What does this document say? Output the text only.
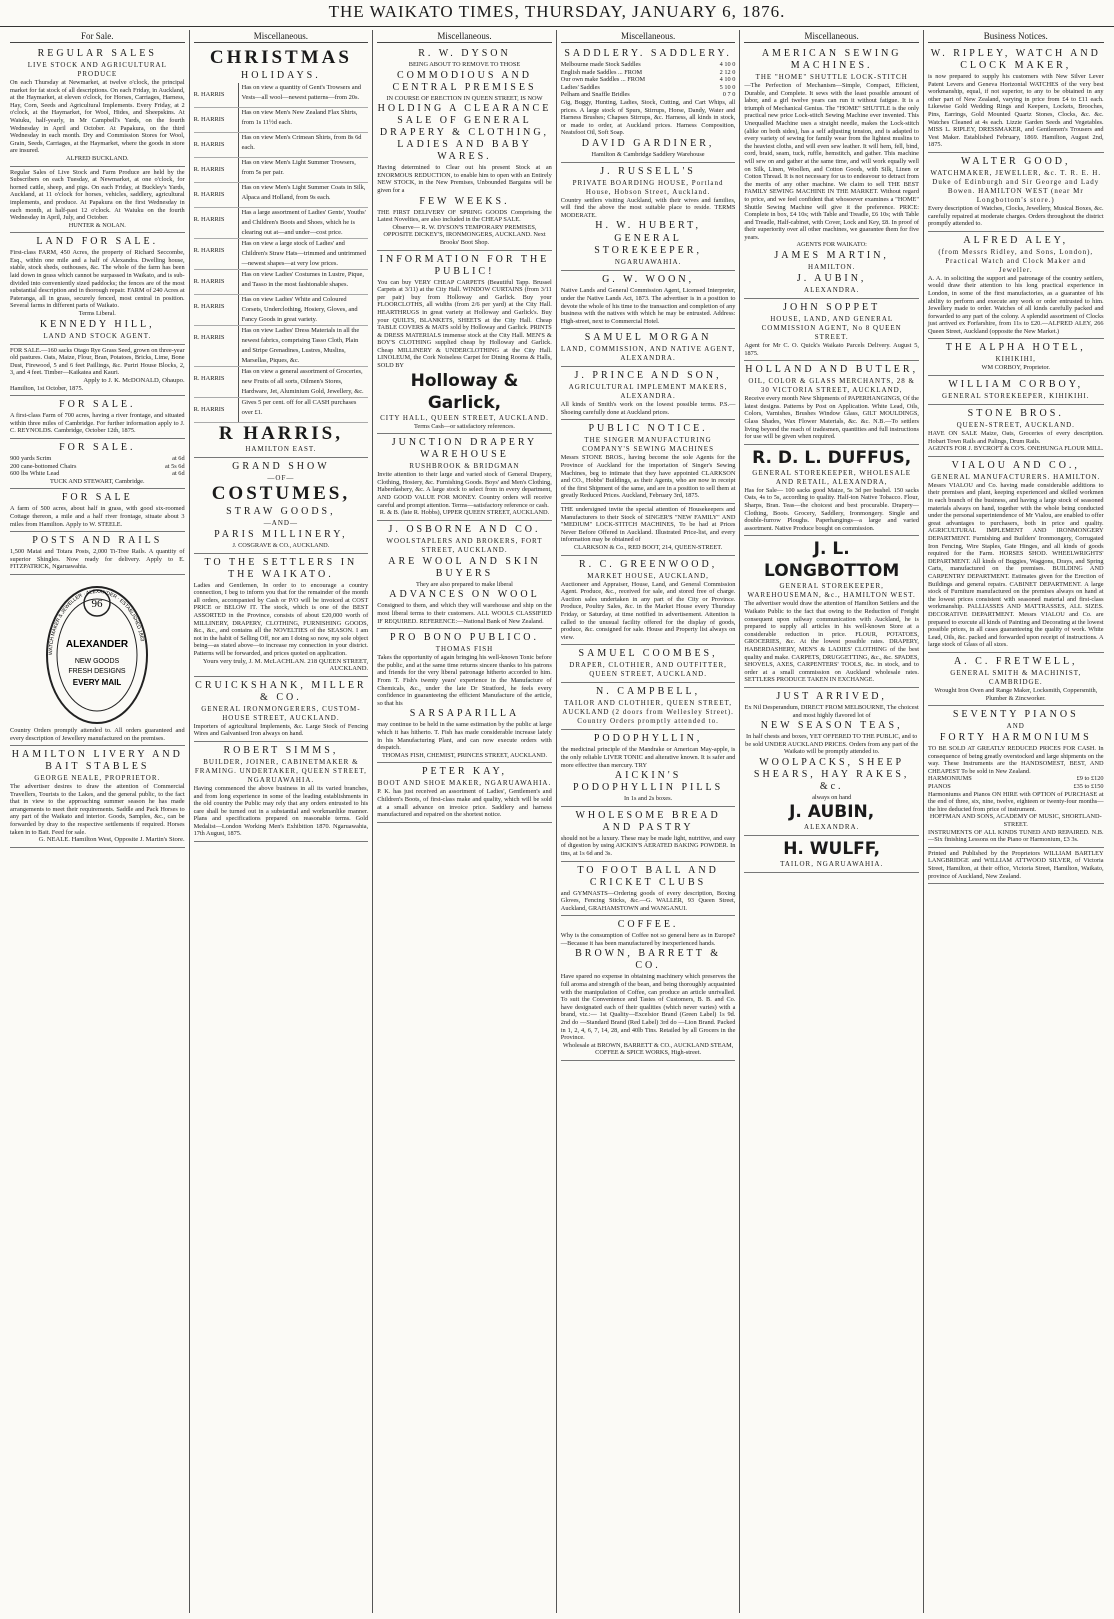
THE WAIKATO TIMES, THURSDAY, JANUARY 6, 1876.
For Sale.
REGULAR SALES
LIVE STOCK AND AGRICULTURAL PRODUCE
On each Thursday at Newmarket, at twelve o'clock, the principal market for fat stock of all descriptions. On each Friday, in Auckland, at the Haymarket, at eleven o'clock, for Horses, Carriages, Harness, Hay, Corn, Seeds and Agricultural Implements. Every Friday, at 2 o'clock, at the Haymarket, for Wool, Hides, and Sheepskins. At Waiuku, half-yearly, in Mr Campbell's Yards, on the fourth Wednesday in April and October. At Papakura, on the third Wednesday in each month. Dry and Commission Stores for Wool, Grain, Seeds, Carriages, at the Haymarket, where the goods in store are insured.
ALFRED BUCKLAND.
Regular Sales of Live Stock and Farm Produce are held by the Subscribers on each Tuesday, at Newmarket, at one o'clock, for horned cattle, sheep, and pigs. On each Friday, at Buckley's Yards, Auckland, at 11 o'clock for horses, vehicles, saddlery, agricultural implements, and produce. At Papakura on the first Wednesday in each month, at half-past 12 o'clock. At Waiuku on the fourth Wednesday in April, July, and October.
HUNTER & NOLAN.
LAND FOR SALE.
First-class FARM, 450 Acres, the property of Richard Seccombe, Esq., within one mile and a half of Alexandra. Dwelling house, stable, stock sheds, outhouses, &c. The whole of the farm has been laid down in grass which cannot be surpassed in Waikato, and is sub-divided into conveniently sized paddocks; the fences are of the most substantial description and in thorough repair. FARM of 240 Acres at Pateranga, all in grass, securely fenced, most central in position. Several farms in different parts of Waikato.
Terms Liberal.
KENNEDY HILL,
LAND AND STOCK AGENT.
FOR SALE.—160 sacks Otago Rye Grass Seed, grown on three-year old pastures. Oats, Maize, Flour, Bran, Potatoes, Bricks, Lime, Bone Dust, Firewood, 5 and 6 feet Paillings, &c. Puriri House Blocks, 2, 3, and 4 feet. Timber—Kaikatea and Kauri.
Apply to J. K. McDONALD, Ohaupo.
Hamilton, 1st October, 1875.
FOR SALE.
A first-class Farm of 700 acres, having a river frontage, and situated within three miles of Cambridge. For further information apply to J. C. REYNOLDS. Cambridge, October 12th, 1875.
FOR SALE.
900 yards Scrim	at 6d
200 cane-bottomed Chairs	at 5s 6d
600 lbs White Lead	at 6d
TUCK AND STEWART, Cambridge.
FOR SALE
A farm of 500 acres, about half in grass, with good six-roomed Cottage thereon, a mile and a half river frontage, situate about 3 miles from Hamilton. Apply to W. STEELE.
POSTS AND RAILS
1,500 Matai and Totara Posts, 2,000 Ti-Tree Rails. A quantity of superior Shingles. Now ready for delivery. Apply to E. FITZPATRICK, Ngaruawahia.
96
ALEXANDER
NEW GOODS
FRESH DESIGNS
EVERY MAIL
WATCH MAKER & JEWELLER · ALEXANDER · ESTABLISHED 1863
Country Orders promptly attended to. All orders guaranteed and every description of Jewellery manufactured on the premises.
HAMILTON LIVERY AND BAIT STABLES
GEORGE NEALE, PROPRIETOR.
The advertiser desires to draw the attention of Commercial Travellers, Tourists to the Lakes, and the general public, to the fact that in view to the approaching summer season he has made arrangements to meet their requirements. Saddle and Pack Horses to any part of the Waikato and interior. Goods, Samples, &c., can be forwarded by dray to the respective settlements if required. Horses taken in to Bait. Feed for sale.
G. NEALE. Hamilton West, Opposite J. Martin's Store.
Miscellaneous.
CHRISTMAS
HOLIDAYS.
R. HARRIS
Has on view a quantity of Gent's Trowsers and Vests—all wool—newest patterns—from 20s.
R. HARRIS
Has on view Men's New Zealand Flax Shirts, from 1s 11½d each.
R. HARRIS
Has on view Men's Crimean Shirts, from 8s 6d each.
R. HARRIS
Has on view Men's Light Summer Trowsers, from 5s per pair.
R. HARRIS
Has on view Men's Light Summer Coats in Silk, Alpaca and Holland, from 9s each.
R. HARRIS
Has a large assortment of Ladies' Gents', Youths' and Children's Boots and Shoes, which he is clearing out at—and under—cost price.
R. HARRIS
Has on view a large stock of Ladies' and Children's Straw Hats—trimmed and untrimmed—newest shapes—at very low prices.
R. HARRIS
Has on view Ladies' Costumes in Lustre, Pique, and Tasso in the most fashionable shapes.
R. HARRIS
Has on view Ladies' White and Coloured Corsets, Underclothing, Hosiery, Gloves, and Fancy Goods in great variety.
R. HARRIS
Has on view Ladies' Dress Materials in all the newest fabrics, comprising Tasso Cloth, Plain and Stripe Grenadines, Lustres, Muslins, Marsellas, Piques, &c.
R. HARRIS
Has on view a general assortment of Groceries, new Fruits of all sorts, Oilmen's Stores, Hardware, Jet, Aluminium Gold, Jewellery, &c.
R. HARRIS
Gives 5 per cent. off for all CASH purchases over £1.
R HARRIS,
HAMILTON EAST.
GRAND SHOW
—OF—
COSTUMES,
STRAW GOODS,
—AND—
PARIS MILLINERY,
J. COSGRAVE & CO., AUCKLAND.
TO THE SETTLERS IN THE WAIKATO.
Ladies and Gentlemen, In order to to encourage a country connection, I beg to inform you that for the remainder of the month all orders, accompanied by Cash or P/O will be invoiced at COST PRICE or BELOW IT. The stock, which is one of the BEST ASSORTED in the Province, consists of about £20,000 worth of MILLINERY, DRAPERY, CLOTHING, FURNISHING GOODS, &c., &c., and contains all the NOVELTIES of the SEASON. I am not in the habit of Selling Off, nor am I doing so now, my sole object being—as stated above—to increase my connection in your district. Patterns will be forwarded, and prices quoted on application.
Yours very truly, J. M. McLACHLAN. 218 QUEEN STREET, AUCKLAND.
CRUICKSHANK, MILLER & CO.
GENERAL IRONMONGERERS, CUSTOM-HOUSE STREET, AUCKLAND.
Importers of agricultural Implements, &c. Large Stock of Fencing Wires and Galvanised Iron always on hand.
ROBERT SIMMS,
BUILDER, JOINER, CABINETMAKER & FRAMING. UNDERTAKER, QUEEN STREET, NGARUAWAHIA.
Having commenced the above business in all its varied branches, and from long experience in some of the leading establishments in the old country the Public may rely that any orders entrusted to his care shall be turned out in a substantial and workmanlike manner. Plans and specifications prepared on reasonable terms. Gold Medalist—London Working Men's Exhibition 1870. Ngaruawahia, 17th August, 1875.
Miscellaneous.
R. W. DYSON
BEING ABOUT TO REMOVE TO THOSE
COMMODIOUS AND CENTRAL PREMISES
IN COURSE OF ERECTION IN QUEEN STREET, IS NOW
HOLDING A CLEARANCE SALE OF GENERAL DRAPERY & CLOTHING, LADIES AND BABY WARES.
Having determined to Clear out his present Stock at an ENORMOUS REDUCTION, to enable him to open with an Entirely NEW STOCK, in the New Premises, Unbounded Bargains will be given for a
FEW WEEKS.
THE FIRST DELIVERY OF SPRING GOODS Comprising the Latest Novelties, are also included in the CHEAP SALE.
Observe— R. W. DYSON'S TEMPORARY PREMISES, OPPOSITE DICKEY'S, IRONMONGERS, AUCKLAND. Next Brooks' Boot Shop.
INFORMATION FOR THE PUBLIC!
You can buy VERY CHEAP CARPETS (Beautiful Tapp. Brussel Carpets at 3/11) at the City Hall. WINDOW CURTAINS (from 3/11 per pair) buy from Holloway and Garlick. Buy your FLOORCLOTHS, all widths (from 2/6 per yard) at the City Hall. HEARTHRUGS in great variety at Holloway and Garlick's. Buy your QUILTS, BLANKETS, SHEETS at the City Hall. Cheap TABLE COVERS & MATS sold by Holloway and Garlick. PRINTS & DRESS MATERIALS immense stock at the City Hall. MEN'S & BOY'S CLOTHING supplied cheap by Holloway and Garlick. Cheap MILLINERY & UNDERCLOTHING at the City Hall. LINOLEUM, the Cork Noiseless Carpet for Dining Rooms & Halls, SOLD BY
Holloway & Garlick,
CITY HALL, QUEEN STREET, AUCKLAND.
Terms Cash—or satisfactory references.
JUNCTION DRAPERY WAREHOUSE
RUSHBROOK & BRIDGMAN
Invite attention to their large and varied stock of General Drapery, Clothing, Hosiery, &c. Furnishing Goods. Boys' and Men's Clothing, Haberdashery, &c. A large stock to select from in every department, AND GOOD VALUE FOR MONEY. Country orders will receive careful and prompt attention. Terms—satisfactory reference or cash.
R. & B. (late R. Hobbs), UPPER QUEEN STREET, AUCKLAND.
J. OSBORNE AND CO.
WOOLSTAPLERS AND BROKERS, FORT STREET, AUCKLAND.
ARE WOOL AND SKIN BUYERS
They are also prepared to make liberal
ADVANCES ON WOOL
Consigned to them, and which they will warehouse and ship on the most liberal terms to their customers. ALL WOOLS CLASSIFIED IF REQUIRED. REFERENCE:—National Bank of New Zealand.
PRO BONO PUBLICO.
THOMAS FISH
Takes the opportunity of again bringing his well-known Tonic before the public, and at the same time returns sincere thanks to his patrons and friends for the very liberal patronage hitherto accorded to him. From T. Fish's twenty years' experience in the Manufacture of Chemicals, &c., under the late Dr Stratford, he feels every confidence in guaranteeing the efficient Manufacture of the article, so that his
SARSAPARILLA
may continue to be held in the same estimation by the public at large which it has hitherto. T. Fish has made considerable increase lately in his Manufacturing Plant, and can now execute orders with despatch.
THOMAS FISH, CHEMIST, PRINCES STREET, AUCKLAND.
PETER KAY,
BOOT AND SHOE MAKER, NGARUAWAHIA.
P. K. has just received an assortment of Ladies', Gentlemen's and Children's Boots, of first-class make and quality, which will be sold at a small advance on invoice price. Saddlery and harness manufactured and repaired on the shortest notice.
Miscellaneous.
SADDLERY. SADDLERY.
Melbourne made Stock Saddles	4 10 0
English made Saddles ... FROM	2 12 0
Our own make Saddles ... FROM	4 10 0
Ladies' Saddles	5 10 0
Pelham and Snaffle Bridles	0 7 0
Gig, Buggy, Hunting, Ladies, Stock, Cutting, and Cart Whips, all prices. A large stock of Spurs, Stirrups, Horse, Dandy, Water and Harness Brushes; Chapses Stirrups, &c. Harness, all kinds in stock, or made to order, at Auckland prices. Harness Composition, Neatsfoot Oil, Soft Soap.
DAVID GARDINER,
Hamilton & Cambridge Saddlery Warehouse
J. RUSSELL'S
PRIVATE BOARDING HOUSE, Portland House, Hobson Street, Auckland.
Country settlers visiting Auckland, with their wives and families, will find the above the most suitable place to reside. TERMS MODERATE.
H. W. HUBERT,
GENERAL STOREKEEPER,
NGARUAWAHIA.
G. W. WOON,
Native Lands and General Commission Agent, Licensed Interpreter, under the Native Lands Act, 1873. The advertiser is in a position to devote the whole of his time to the transaction and completion of any business with the natives with which he may be entrusted. Address: High-street, next to Commercial Hotel.
SAMUEL MORGAN
LAND, COMMISSION, AND NATIVE AGENT, ALEXANDRA.
J. PRINCE AND SON,
AGRICULTURAL IMPLEMENT MAKERS, ALEXANDRA.
All kinds of Smith's work on the lowest possible terms. P.S.—Shoeing carefully done at Auckland prices.
PUBLIC NOTICE.
THE SINGER MANUFACTURING COMPANY'S SEWING MACHINES
Messrs STONE BROS., having become the sole Agents for the Province of Auckland for the importation of Singer's Sewing Machines, beg to intimate that they have appointed CLARKSON and CO., Hobbs' Buildings, as their Agents, who are now in receipt of the first Shipment of the same, and are in a position to sell them at greatly Reduced Prices. Auckland, February 3rd, 1875.
THE undersigned invite the special attention of Housekeepers and Manufacturers to their Stock of SINGER'S "NEW FAMILY" AND "MEDIUM" LOCK-STITCH MACHINES, To be had at Prices Never Before Offered in Auckland. Illustrated Price-list, and every information may be obtained of
CLARKSON & Co., RED BOOT, 214, QUEEN-STREET.
R. C. GREENWOOD,
MARKET HOUSE, AUCKLAND,
Auctioneer and Appraiser, House, Land, and General Commission Agent. Produce, &c., received for sale, and stored free of charge. Auction sales undertaken in any part of the City or Province. Produce, Poultry Sales, &c. in the Market House every Thursday Friday, or Saturday, at time notified in advertisement. Attention is called to the unusual facility offered for the display of goods, produce, &c. consigned for sale. House and Property list always on view.
SAMUEL COOMBES,
DRAPER, CLOTHIER, AND OUTFITTER, QUEEN STREET, AUCKLAND.
N. CAMPBELL,
TAILOR AND CLOTHIER, QUEEN STREET, AUCKLAND (2 doors from Wellesley Street). Country Orders promptly attended to.
PODOPHYLLIN,
the medicinal principle of the Mandrake or American May-apple, is the only reliable LIVER TONIC and alterative known. It is safer and more effective than mercury. TRY
AICKIN'S PODOPHYLLIN PILLS
In 1s and 2s boxes.
WHOLESOME BREAD AND PASTRY
should not be a luxury. These may be made light, nutritive, and easy of digestion by using AICKIN'S AERATED BAKING POWDER. In tins, at 1s 6d and 3s.
TO FOOT BALL AND CRICKET CLUBS
and GYMNASTS—Ordering goods of every description, Boxing Gloves, Fencing Sticks, &c.—G. WALLER, 93 Queen Street, Auckland, GRAHAMSTOWN and WANGANUI.
COFFEE.
Why is the consumption of Coffee not so general here as in Europe?—Because it has been manufactured by inexperienced hands.
BROWN, BARRETT & CO.
Have spared no expense in obtaining machinery which preserves the full aroma and strength of the bean, and being thoroughly acquainted with the manipulation of Coffee, can produce an article unrivalled. To suit the Convenience and Tastes of Customers, B. B. and Co. have designated each of their qualities (which never varies) with a brand, viz.:— 1st Quality—Excelsior Brand (Green Label) 1s 9d. 2nd do —Standard Brand (Red Label) 3rd do —Lion Brand. Packed in 1, 2, 4, 6, 7, 14, 28, and 40lb Tins. Retailed by all Grocers in the Province.
Wholesale at BROWN, BARRETT & CO., AUCKLAND STEAM, COFFEE & SPICE WORKS, High-street.
Miscellaneous.
AMERICAN SEWING MACHINES.
THE "HOME" SHUTTLE LOCK-STITCH
—The Perfection of Mechanism—Simple, Compact, Efficient, Durable, and Complete. It sews with the least possible amount of labor, and a girl twelve years can run it without fatigue. It is a triumph of Mechanical Genius. The "HOME" SHUTTLE is the only practical new price Lock-stitch Sewing Machine ever invented. This Unequalled Machine uses a straight needle, makes the Lock-stitch (alike on both sides), has a self adjusting tension, and is adapted to every variety of sewing for family wear from the lightest muslins to the heaviest cloths, and will even sew leather. It will hem, fell, bind, cord, braid, seam, tuck, ruffle, hemstitch, and gather. This machine will sew on and gather at the same time, and will work equally well on Silk, Linen, Woollen, and Cotton Goods, with Silk, Linen or Cotton Thread. It is not necessary for us to endeavour to detract from the merits of any other machine. We claim to sell THE BEST FAMILY SEWING MACHINE IN THE MARKET. Without regard to price, and we feel confident that whosoever examines a "HOME" Shuttle Sewing Machine will give it the preference. PRICE: Complete in box, £4 10s; with Table and Treadle, £6 10s; with Table and Treadle, Half-cabinet, with Cover, Lock and Key, £8. In proof of their superiority over all other machines, we guarantee them for five years.
AGENTS FOR WAIKATO:
JAMES MARTIN,
HAMILTON.
J. AUBIN,
ALEXANDRA.
JOHN SOPPET
HOUSE, LAND, AND GENERAL COMMISSION AGENT, No 8 QUEEN STREET.
Agent for Mr C. O. Quick's Waikato Parcels Delivery. August 5, 1875.
HOLLAND AND BUTLER,
OIL, COLOR & GLASS MERCHANTS, 28 & 30 VICTORIA STREET, AUCKLAND,
Receive every month New Shipments of PAPERHANGINGS, Of the latest designs. Patterns by Post on Application. White Lead, Oils, Colors, Varnishes, Brushes Window Glass, GILT MOULDINGS, Glass Shades, Wax Flower Materials, &c. &c. N.B.—To settlers living beyond the reach of tradesmen, quantities and full instructions for use will be given when required.
R. D. L. DUFFUS,
GENERAL STOREKEEPER, WHOLESALE AND RETAIL, ALEXANDRA,
Has for Sale— 100 sacks good Maize, 5s 3d per bushel. 150 sacks Oats, 4s to 5s, according to quality. Half-ton Native Tobacco. Flour, Sharps, Bran. Teas—the choicest and best procurable. Drapery—Clothing, Boots. Grocery, Saddlery, Ironmongery. Single and double-furrow Ploughs. Paperhangings—a large and varied assortment. Native Produce bought on commission.
J. L. LONGBOTTOM
GENERAL STOREKEEPER, WAREHOUSEMAN, &c., HAMILTON WEST.
The advertiser would draw the attention of Hamilton Settlers and the Waikato Public to the fact that owing to the Reduction of Freight consequent upon railway communication with Auckland, he is prepared to supply all articles in his well-known Store at a considerable reduction in price. FLOUR, POTATOES, GROCERIES, &c. At the lowest possible rates. DRAPERY, HABERDASHERY, MEN'S & LADIES' CLOTHING of the best quality and make. CARPETS, DRUGGETTING, &c., &c. SPADES, SHOVELS, AXES, CARPENTERS' TOOLS, &c. in stock, and to order at a small commission on Auckland wholesale rates. SETTLERS PRODUCE TAKEN IN EXCHANGE.
JUST ARRIVED,
Ex Nil Desperandum, DIRECT FROM MELBOURNE, The choicest and most highly flavored lot of
NEW SEASON TEAS,
In half chests and boxes, YET OFFERED TO THE PUBLIC, and to be sold UNDER AUCKLAND PRICES. Orders from any part of the Waikato will be promptly attended to.
WOOLPACKS, SHEEP SHEARS, HAY RAKES, &c.
always on hand
J. AUBIN,
ALEXANDRA.
H. WULFF,
TAILOR, NGARUAWAHIA.
Business Notices.
W. RIPLEY, WATCH AND CLOCK MAKER,
is now prepared to supply his customers with New Silver Lever Patent Levers and Geneva Horizontal WATCHES of the very best workmanship, equal, if not superior, to any to be obtained in any other part of New Zealand, varying in price from £4 to £11 each. Likewise Gold Wedding Rings and Keepers, Lockets, Brooches, Pins, Earrings, Gold Mounted Quartz Stones, Clocks, &c. &c. Watches Cleaned at 4s each. Lizzie Garden Seeds and Vegetables. MISS L. RIPLEY, DRESSMAKER, and Gentlemen's Trousers and Vest Maker. Established February, 1869. Hamilton, August 2nd, 1875.
WALTER GOOD,
WATCHMAKER, JEWELLER, &c. T. R. E. H. Duke of Edinburgh and Sir George and Lady Bowen. HAMILTON WEST (near Mr Longbottom's store.)
Every description of Watches, Clocks, Jewellery, Musical Boxes, &c. carefully repaired at moderate charges. Orders throughout the district promptly attended to.
ALFRED ALEY,
(from Messrs Ridley, and Sons, London), Practical Watch and Clock Maker and Jeweller.
A. A. in soliciting the support and patronage of the country settlers, would draw their attention to his long practical experience in London, in some of the first manufactories, as a guarantee of his ability to perform and execute any work or order entrusted to him. Jewellery made to order. Watches of all kinds carefully packed and forwarded to any part of the colony. A splendid assortment of Clocks just arrived ex Forfarshire, from 11s to £20.—ALFRED ALEY, 266 Queen Street, Auckland (opposite the New Market.)
THE ALPHA HOTEL,
KIHIKIHI,
WM CORBOY, Proprietor.
WILLIAM CORBOY,
GENERAL STOREKEEPER, KIHIKIHI.
STONE BROS.
QUEEN-STREET, AUCKLAND.
HAVE ON SALE Maize, Oats, Groceries of every description. Hobart Town Rails and Palings, Drum Rails.
AGENTS FOR J. BYCROFT & CO'S. ONEHUNGA FLOUR MILL.
VIALOU AND CO.,
GENERAL MANUFACTURERS. HAMILTON.
Messrs VIALOU and Co. having made considerable additions to their premises and plant, keeping experienced and skilled workmen in each branch of the business, and having a large stock of seasoned materials always on hand, together with the whole being conducted under the personal superintendence of Mr Vialou, are enabled to offer great advantages to purchasers, both in price and quality. AGRICULTURAL IMPLEMENT AND IRONMONGERY DEPARTMENT. Furnishing and Builders' Ironmongery, Corrugated Iron Fencing, Wire Staples, Gate Hinges, and all kinds of goods required for the Farm. HORSES SHOD. WHEELWRIGHTS' DEPARTMENT. All kinds of Buggies, Waggons, Drays, and Spring Carts, manufactured on the premises. BUILDING AND CARPENTRY DEPARTMENT. Estimates given for the Erection of Buildings and general repairs. CABINET DEPARTMENT. A large stock of Furniture manufactured on the premises always on hand at the lowest prices consistent with seasoned material and first-class workmanship. PALLIASSES AND MATTRASSES, ALL SIZES. DECORATIVE DEPARTMENT. Messrs VIALOU and Co. are prepared to execute all kinds of Painting and Decorating at the lowest possible prices, in all cases guaranteeing the quality of work. White Lead, Oils, &c. packed and forwarded upon receipt of instructions. A large stock of Glass of all sizes.
A. C. FRETWELL,
GENERAL SMITH & MACHINIST, CAMBRIDGE.
Wrought Iron Oven and Range Maker, Locksmith, Coppersmith, Plumber & Zincworker.
SEVENTY PIANOS
AND
FORTY HARMONIUMS
TO BE SOLD AT GREATLY REDUCED PRICES FOR CASH. In consequence of being greatly overstocked and large shipments on the way. These Instruments are the HANDSOMEST, BEST, AND CHEAPEST To be sold in New Zealand.
HARMONIUMS	£9 to £120
PIANOS	£35 to £150
Harmoniums and Pianos ON HIRE with OPTION of PURCHASE at the end of three, six, nine, twelve, eighteen or twenty-four months—the hire deducted from price of instrument.
HOFFMAN AND SONS, ACADEMY OF MUSIC, SHORTLAND-STREET.
INSTRUMENTS OF ALL KINDS TUNED AND REPAIRED. N.B.—Six finishing Lessons on the Piano or Harmonium, £3 3s.
Printed and Published by the Proprietors WILLIAM BARTLEY LANGBRIDGE and WILLIAM ATTWOOD SILVER, of Victoria Street, Hamilton, at their office, Victoria Street, Hamilton, Waikato, province of Auckland, New Zealand.
